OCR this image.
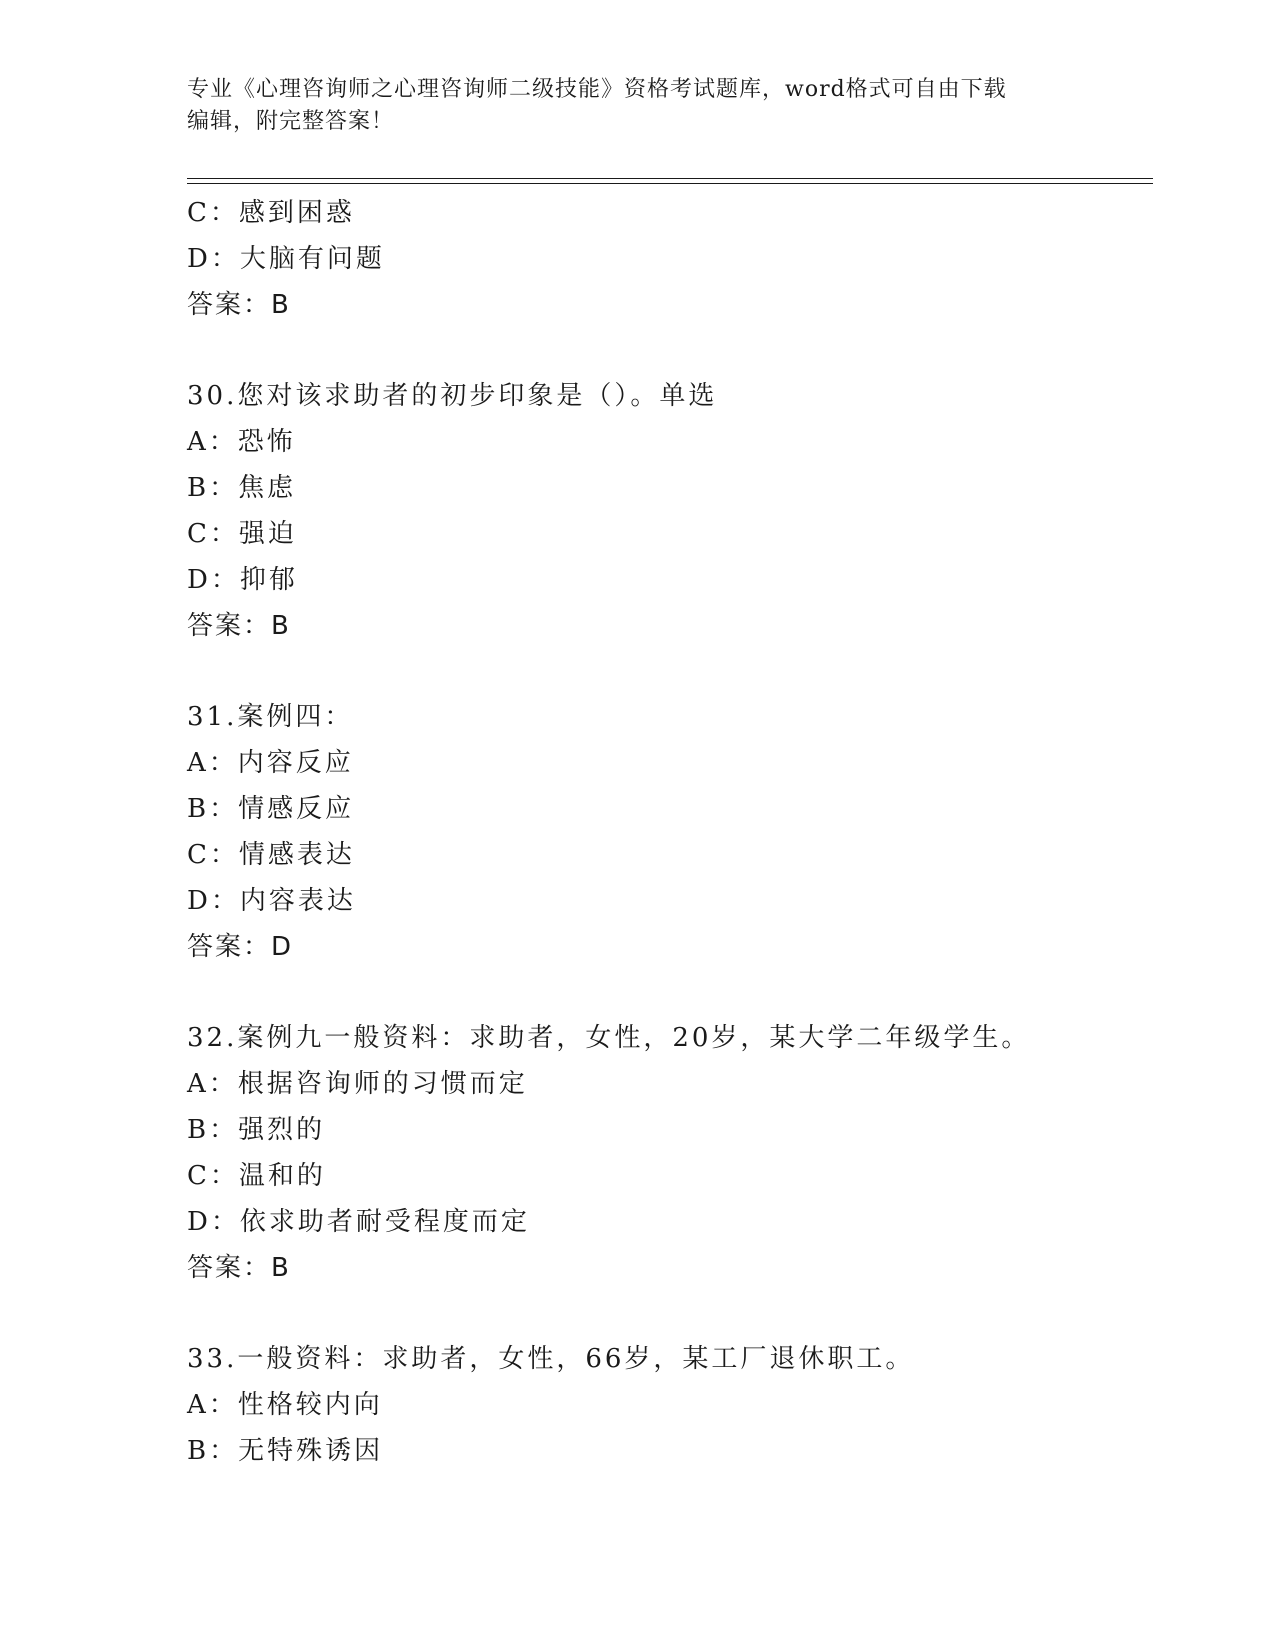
专业《心理咨询师之心理咨询师二级技能》资格考试题库，word格式可自由下载
编辑，附完整答案！
C：感到困惑
D：大脑有问题
答案：B
30.您对该求助者的初步印象是（）。单选
A：恐怖
B：焦虑
C：强迫
D：抑郁
答案：B
31.案例四：
A：内容反应
B：情感反应
C：情感表达
D：内容表达
答案：D
32.案例九一般资料：求助者，女性，20岁，某大学二年级学生。
A：根据咨询师的习惯而定
B：强烈的
C：温和的
D：依求助者耐受程度而定
答案：B
33.一般资料：求助者，女性，66岁，某工厂退休职工。
A：性格较内向
B：无特殊诱因
